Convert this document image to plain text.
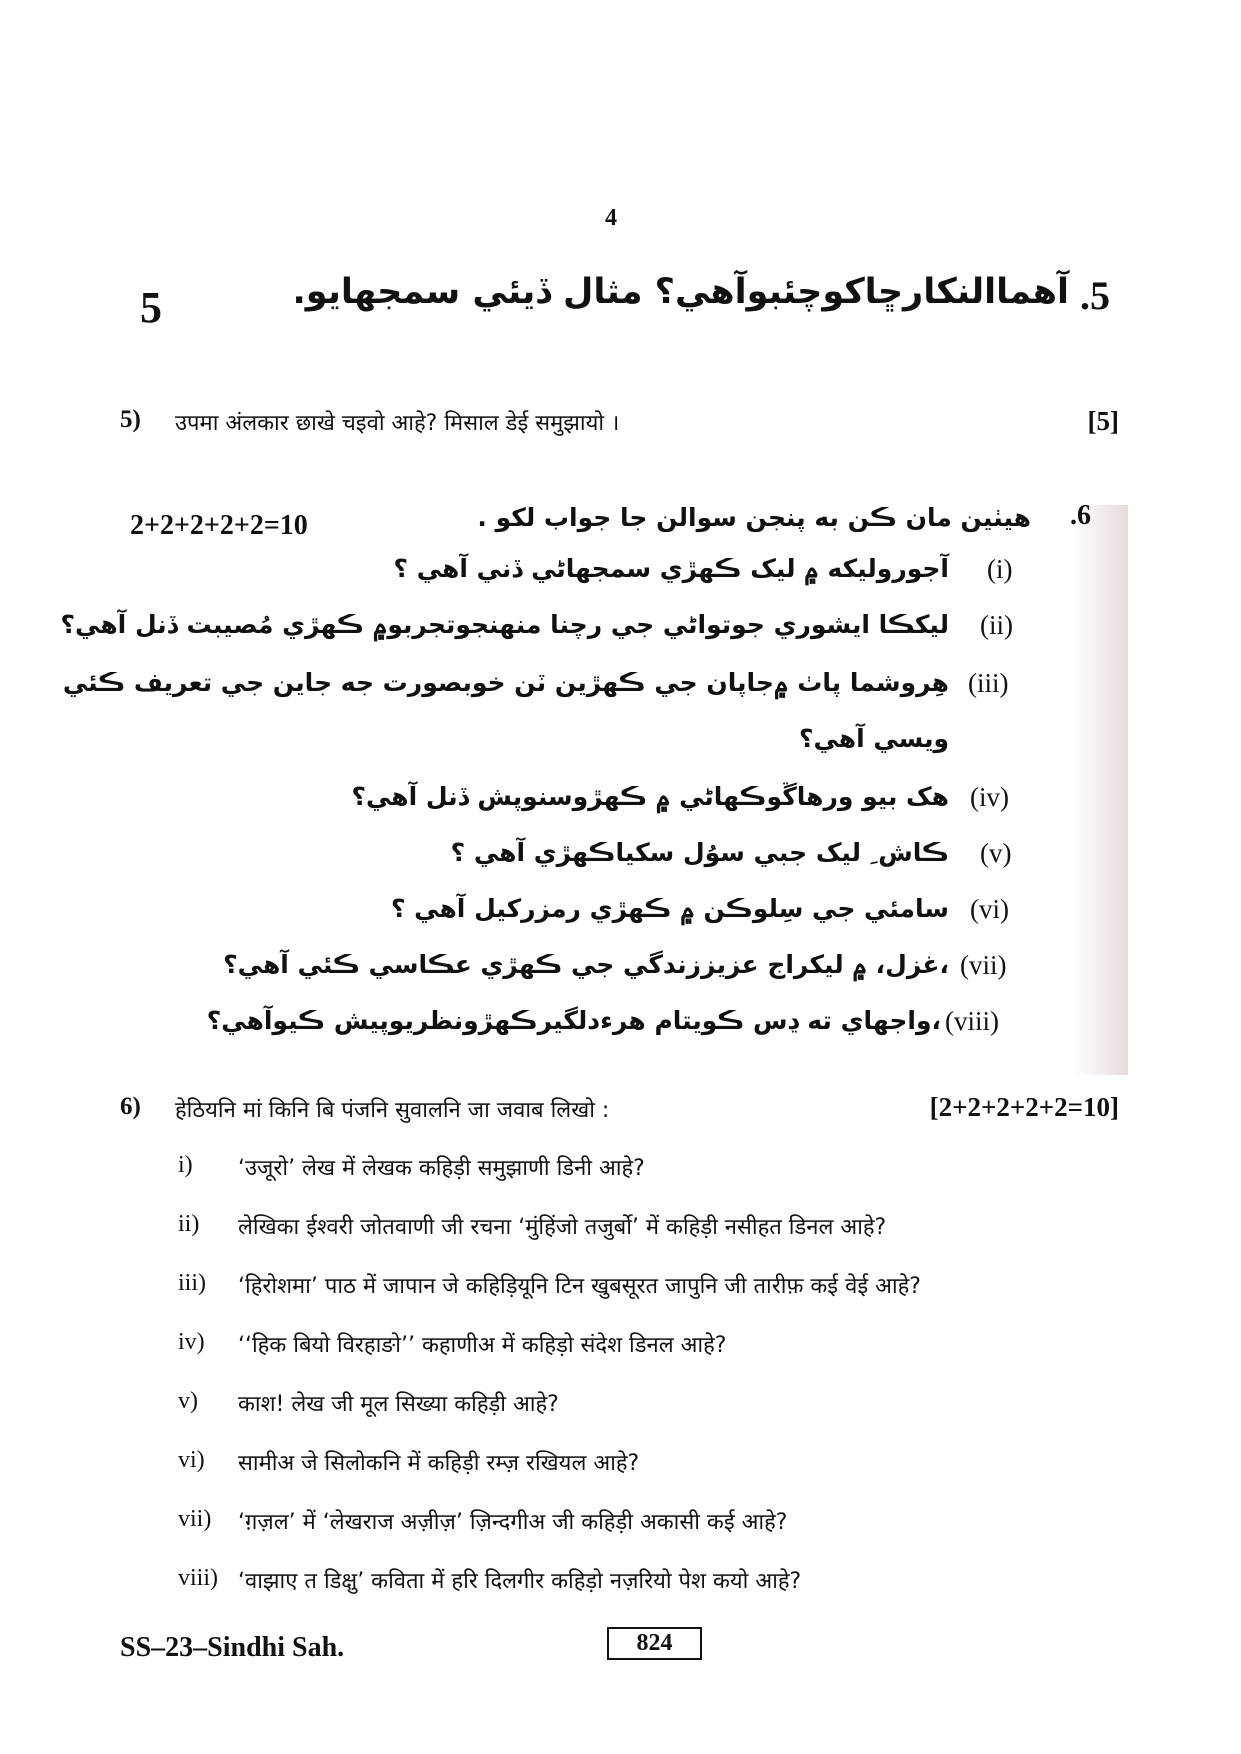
4
5	آهماالنکارڇاکوچئبوآهي؟ مثال ڏيئي سمجهايو. .5
5) उपमा अंलकार छाखे चइवो आहे? मिसाल डेई समुझायो ।	[5]
2+2+2+2+2=10	.6
هيٺين مان ڪن به پنجن سوالن جا جواب لکو .
(i)
آجوروليکه ۾ ليک ڪهڙي سمجهاڻي ڏني آهي ؟
(ii)
ليکڪا ايشوري جوتواڻي جي رچنا منهنجوتجربو۾ ڪهڙي مُصيبت ڏنل آهي؟
(iii)
هِروشما پاٺ ۾جاپان جي ڪهڙين ٽن خوبصورت جه جاين جي تعريف ڪئي
ويسي آهي؟
(iv)
هک بيو ورهاڱوڪهاڻي ۾ ڪهڙوسنوپش ڏنل آهي؟
(v)
ڪاش ِ ليک جبي سوُل سکياڪهڙي آهي ؟
(vi)
سامئي جي سِلوڪن ۾ ڪهڙي رمزرکيل آهي ؟
(vii)
،غزل، ۾ ليکراج عزيززندگي جي ڪهڙي عڪاسي ڪئي آهي؟
(viii)
،واجهاي ته ڍس ڪويتام هرءدلگيرڪهڙونظريوپيش ڪيوآهي؟
6) हेठियनि मां किनि बि पंजनि सुवालनि जा जवाब लिखो :	[2+2+2+2+2=10]
i) ‘उजूरो’ लेख में लेखक कहिड़ी समुझाणी डिनी आहे?
ii) लेखिका ईश्वरी जोतवाणी जी रचना ‘मुंहिंजो तजुर्बो’ में कहिड़ी नसीहत डिनल आहे?
iii) ‘हिरोशमा’ पाठ में जापान जे कहिड़ियूनि टिन खुबसूरत जापुनि जी तारीफ़ कई वेई आहे?
iv) ‘‘हिक बियो विरहाङो’’ कहाणीअ में कहिड़ो संदेश डिनल आहे?
v) काश! लेख जी मूल सिख्या कहिड़ी आहे?
vi) सामीअ जे सिलोकनि में कहिड़ी रम्ज़ रखियल आहे?
vii) ‘ग़ज़ल’ में ‘लेखराज अज़ीज़’ ज़िन्दगीअ जी कहिड़ी अकासी कई आहे?
viii) ‘वाझाए त डिक्षु’ कविता में हरि दिलगीर कहिड़ो नज़रियो पेश कयो आहे?
SS–23–Sindhi Sah.	824
